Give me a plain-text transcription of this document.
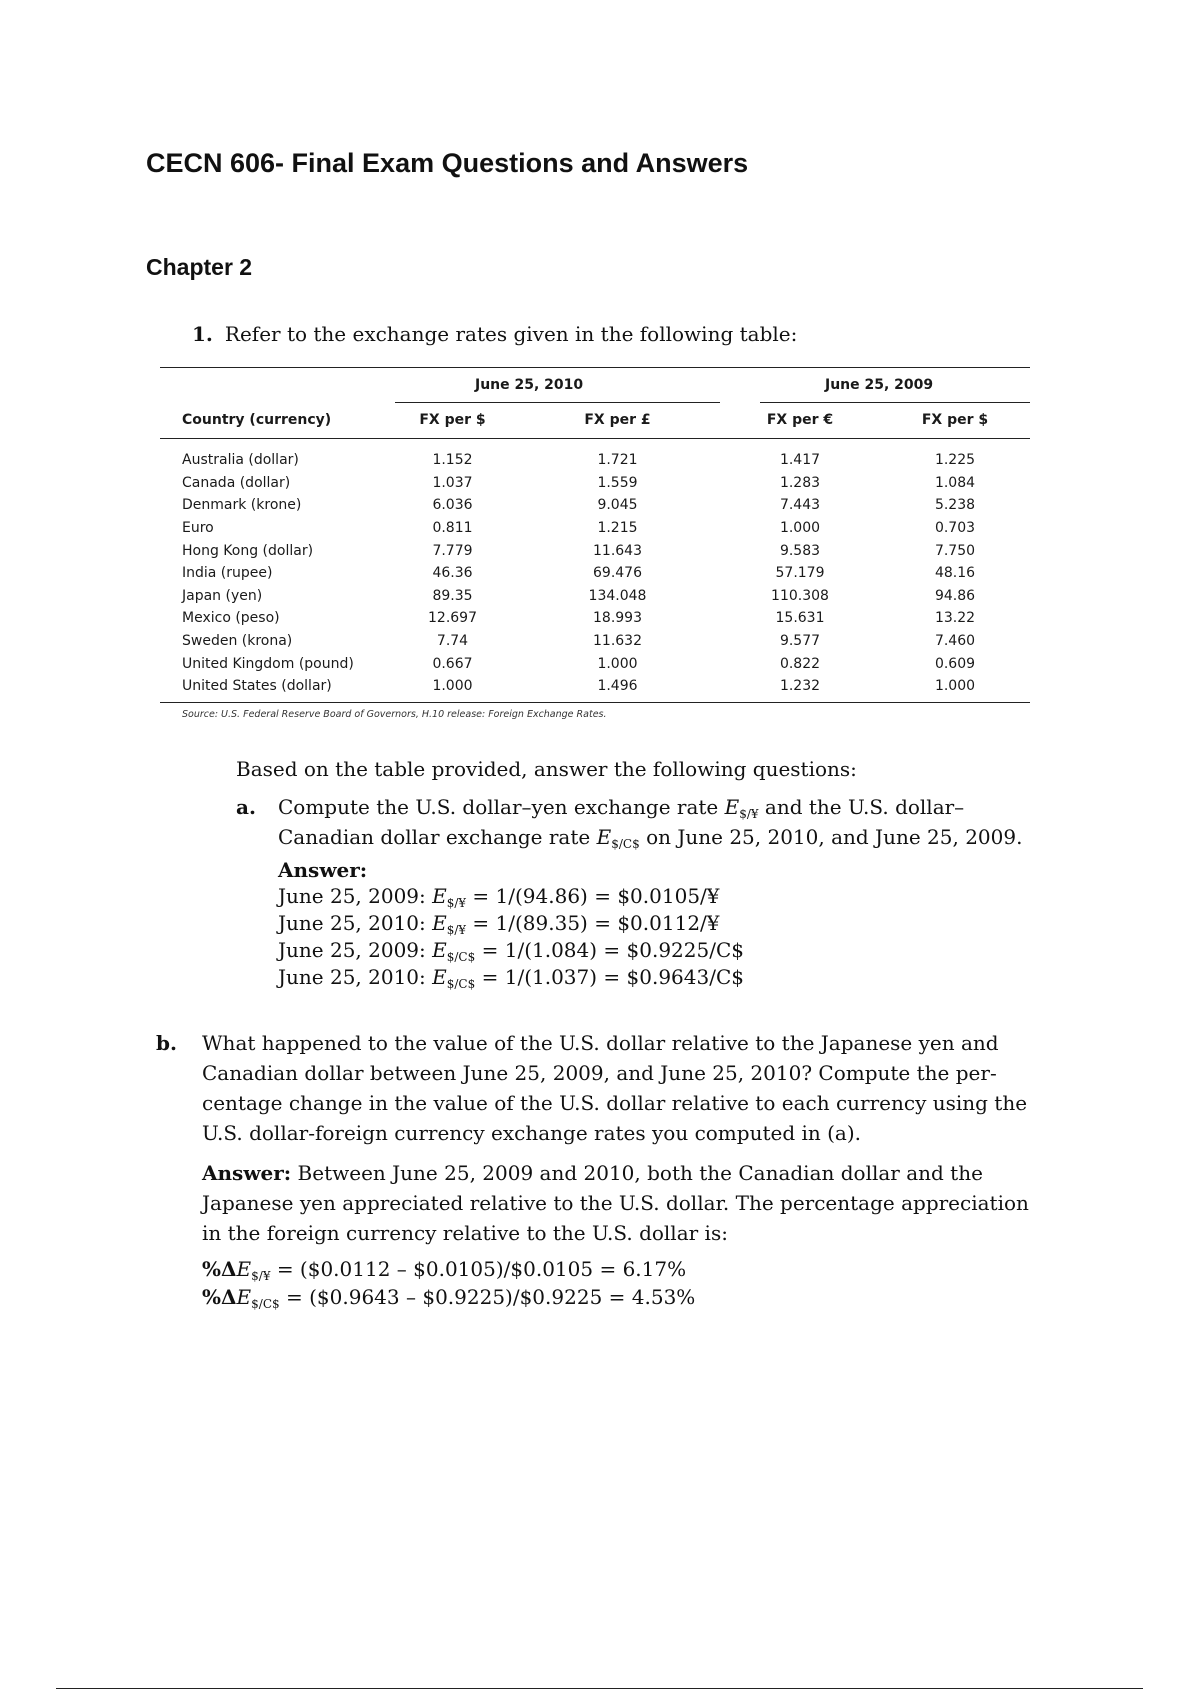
CECN 606- Final Exam Questions and Answers
Chapter 2
1. Refer to the exchange rates given in the following table:
June 25, 2010	June 25, 2009
Country (currency)	FX per $	FX per £	FX per €	FX per $
Australia (dollar)	1.152	1.721	1.417	1.225
Canada (dollar)	1.037	1.559	1.283	1.084
Denmark (krone)	6.036	9.045	7.443	5.238
Euro	0.811	1.215	1.000	0.703
Hong Kong (dollar)	7.779	11.643	9.583	7.750
India (rupee)	46.36	69.476	57.179	48.16
Japan (yen)	89.35	134.048	110.308	94.86
Mexico (peso)	12.697	18.993	15.631	13.22
Sweden (krona)	7.74	11.632	9.577	7.460
United Kingdom (pound)	0.667	1.000	0.822	0.609
United States (dollar)	1.000	1.496	1.232	1.000
Source: U.S. Federal Reserve Board of Governors, H.10 release: Foreign Exchange Rates.
Based on the table provided, answer the following questions:
a. Compute the U.S. dollar–yen exchange rate $E_{\$/¥}$ and the U.S. dollar–
Canadian dollar exchange rate $E_{\$/C\$}$ on June 25, 2010, and June 25, 2009.
Answer:
June 25, 2009: $E_{\$/¥} = 1/(94.86)$ = $0.0105/¥
June 25, 2010: $E_{\$/¥} = 1/(89.35)$ = $0.0112/¥
June 25, 2009: $E_{\$/C\$} = 1/(1.084)$ = $0.9225/C$
June 25, 2010: $E_{\$/C\$} = 1/(1.037)$ = $0.9643/C$
b. What happened to the value of the U.S. dollar relative to the Japanese yen and
Canadian dollar between June 25, 2009, and June 25, 2010? Compute the per-
centage change in the value of the U.S. dollar relative to each currency using the
U.S. dollar-foreign currency exchange rates you computed in (a).
Answer: Between June 25, 2009 and 2010, both the Canadian dollar and the
Japanese yen appreciated relative to the U.S. dollar. The percentage appreciation
in the foreign currency relative to the U.S. dollar is:
$\%\Delta E_{\$/¥}$ = ($0.0112 – $0.0105)/$0.0105 = 6.17%
$\%\Delta E_{\$/C\$}$ = ($0.9643 – $0.9225)/$0.9225 = 4.53%
